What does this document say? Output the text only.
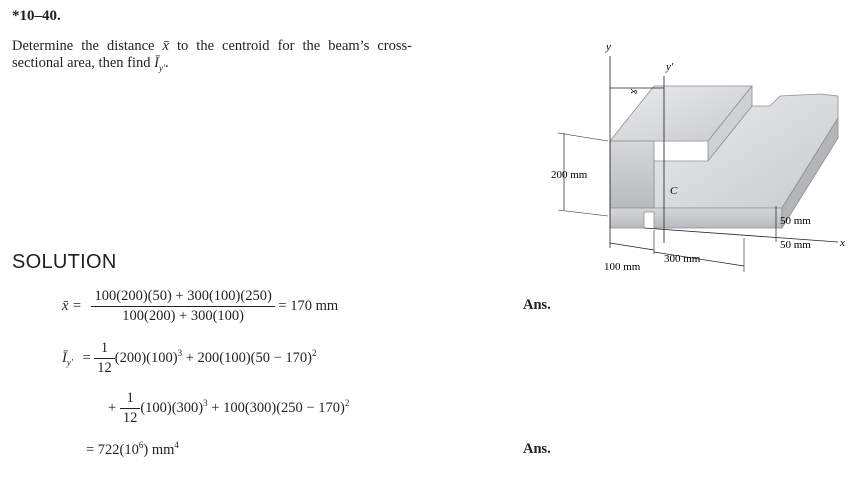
*10–40.
Determine the distance x̄ to the centroid for the beam’s cross-sectional area, then find $Ī_{y'}$.
SOLUTION
x̄ = $\frac{100(200)(50) + 300(100)(250)}{100(200) + 300(100)} = 170$ mm	Ans.
$Ī_{y'} = \frac{1}{12} (200)(100)^3 + 200(100)(50 - 170)^2$
+ $\frac{1}{12} (100)(300)^3 + 100(300)(250 - 170)^2$
= $722(10^6)$ $mm^4$	Ans.
y
y′
x̄
C
x
200 mm
50 mm
50 mm
100 mm
300 mm
